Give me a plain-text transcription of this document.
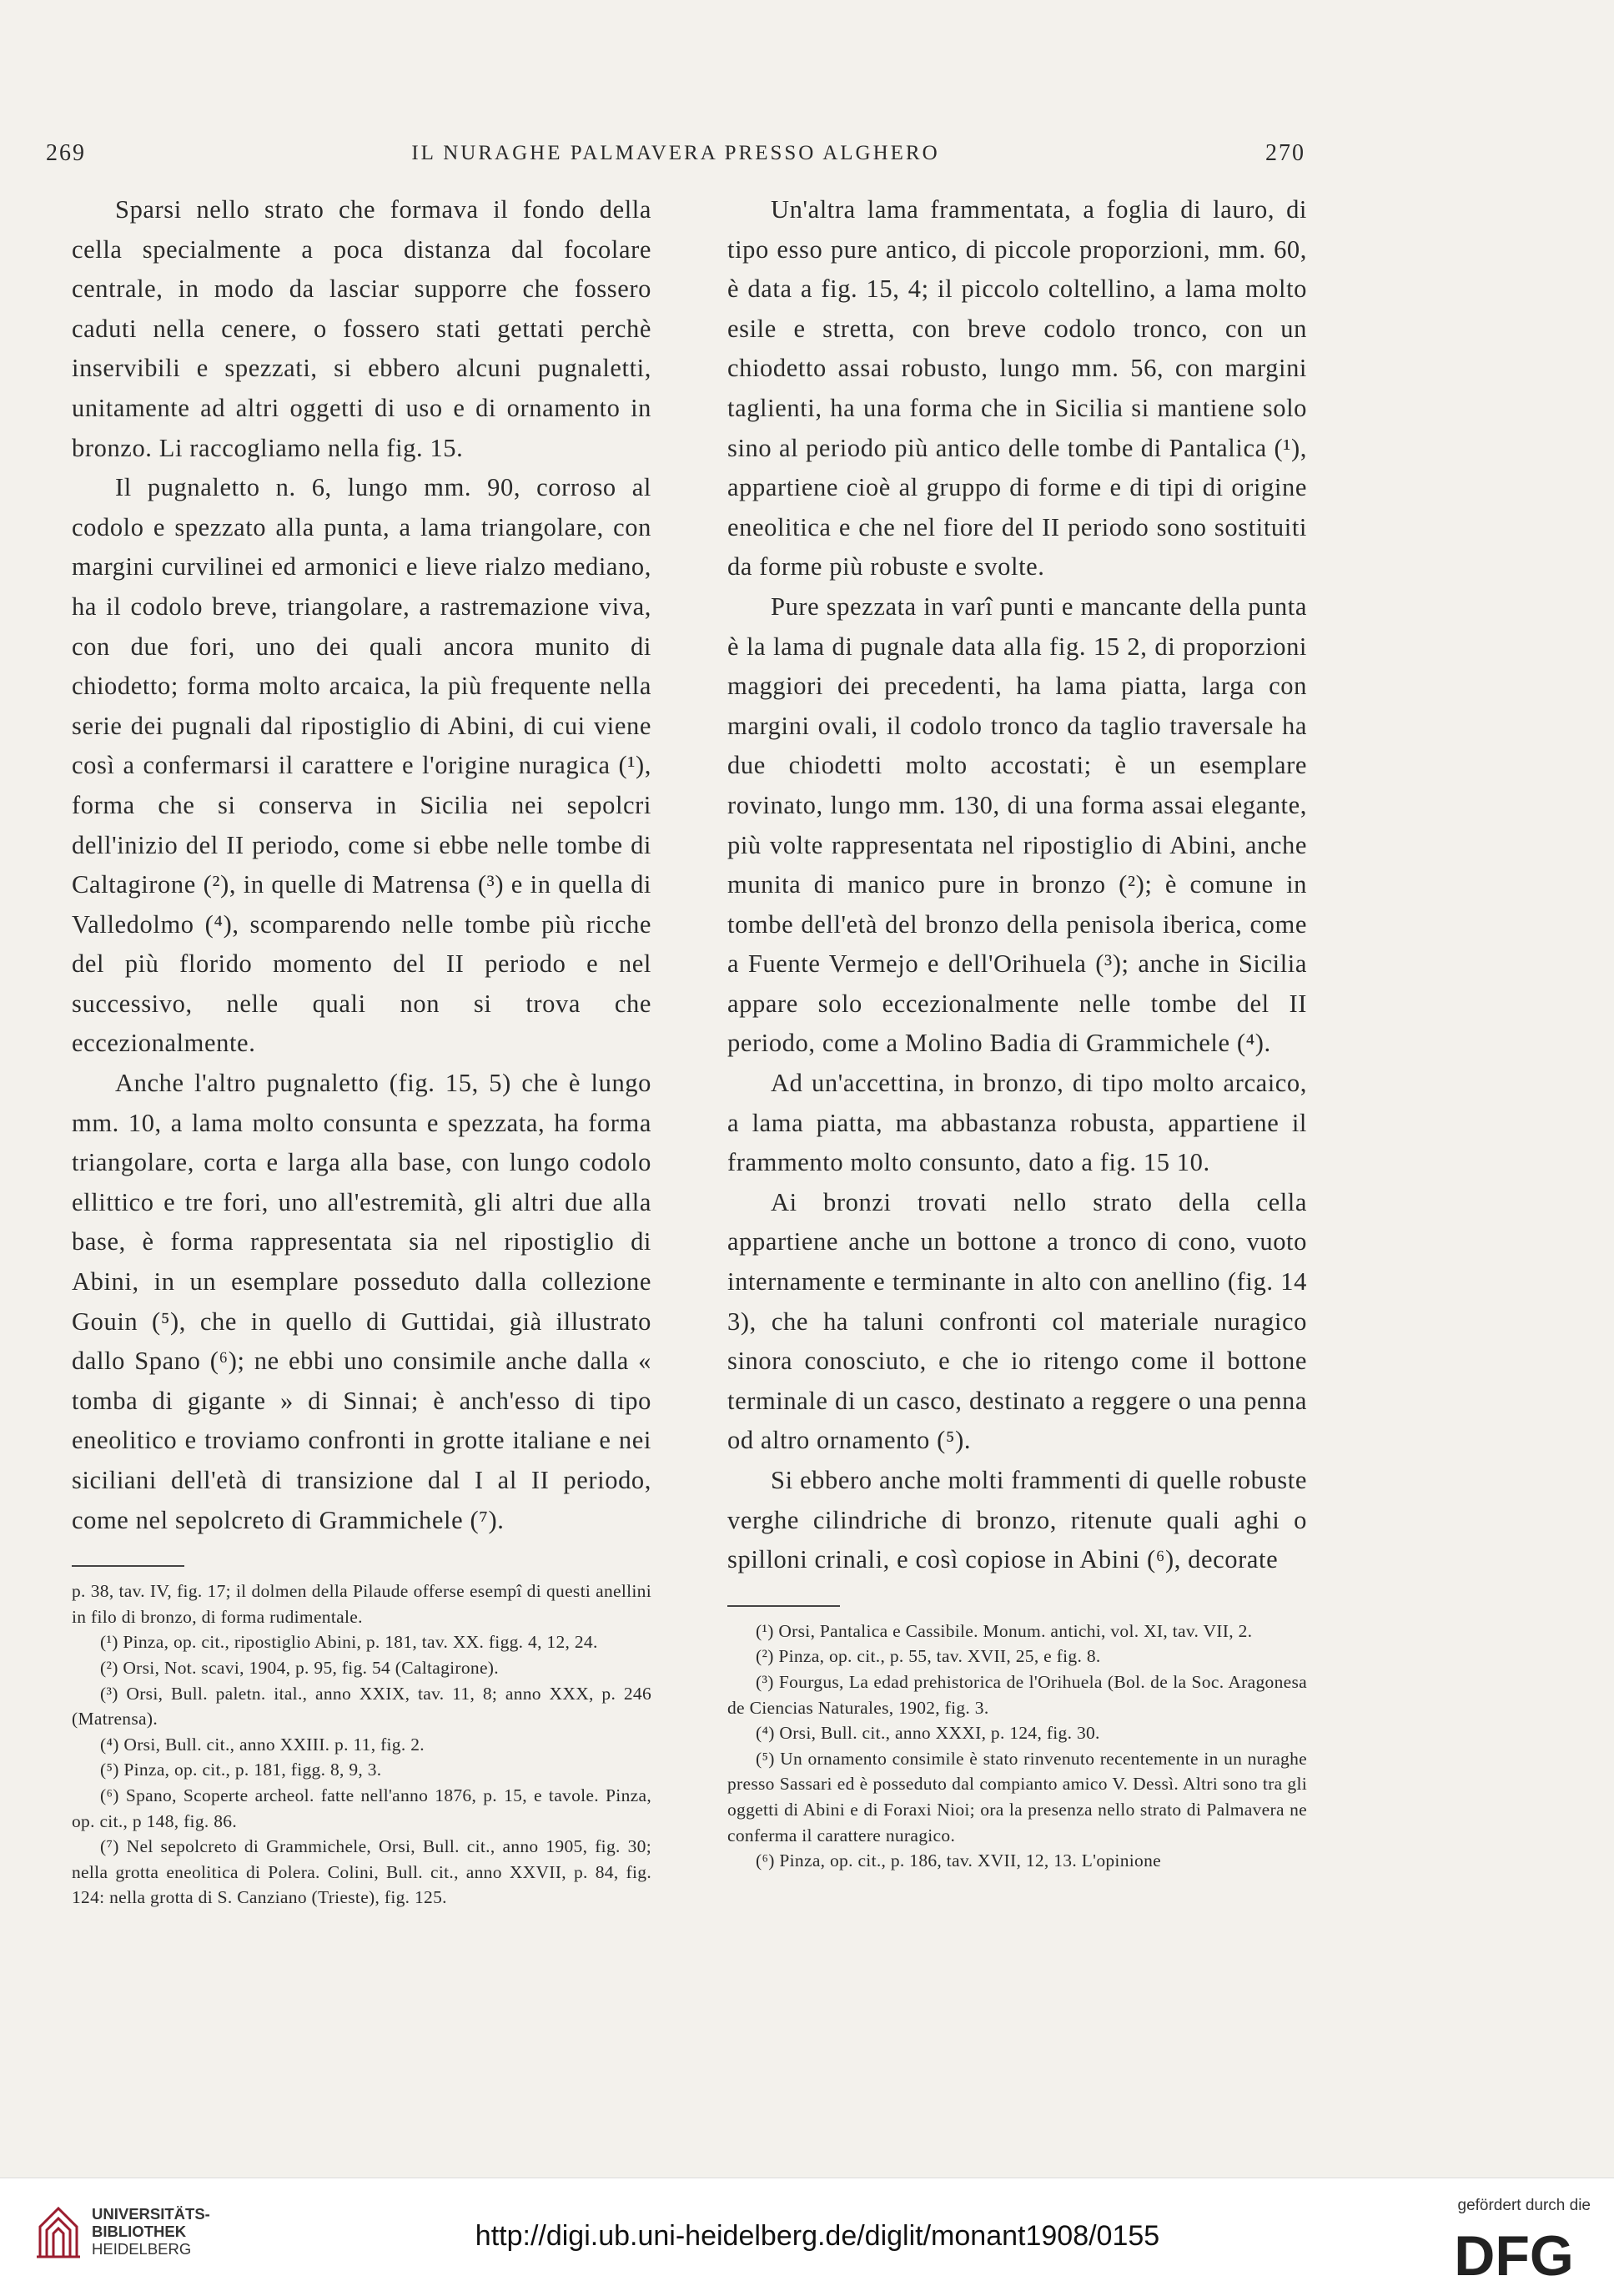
269	IL NURAGHE PALMAVERA PRESSO ALGHERO	270

Sparsi nello strato che formava il fondo della cella specialmente a poca distanza dal focolare centrale, in modo da lasciar supporre che fossero caduti nella cenere, o fossero stati gettati perchè inservibili e spezzati, si ebbero alcuni pugnaletti, unitamente ad altri oggetti di uso e di ornamento in bronzo. Li raccogliamo nella fig. 15.

Il pugnaletto n. 6, lungo mm. 90, corroso al codolo e spezzato alla punta, a lama triangolare, con margini curvilinei ed armonici e lieve rialzo mediano, ha il codolo breve, triangolare, a rastremazione viva, con due fori, uno dei quali ancora munito di chiodetto; forma molto arcaica, la più frequente nella serie dei pugnali dal ripostiglio di Abini, di cui viene così a confermarsi il carattere e l'origine nuragica (¹), forma che si conserva in Sicilia nei sepolcri dell'inizio del II periodo, come si ebbe nelle tombe di Caltagirone (²), in quelle di Matrensa (³) e in quella di Valledolmo (⁴), scomparendo nelle tombe più ricche del più florido momento del II periodo e nel successivo, nelle quali non si trova che eccezionalmente.

Anche l'altro pugnaletto (fig. 15, 5) che è lungo mm. 10, a lama molto consunta e spezzata, ha forma triangolare, corta e larga alla base, con lungo codolo ellittico e tre fori, uno all'estremità, gli altri due alla base, è forma rappresentata sia nel ripostiglio di Abini, in un esemplare posseduto dalla collezione Gouin (⁵), che in quello di Guttidai, già illustrato dallo Spano (⁶); ne ebbi uno consimile anche dalla « tomba di gigante » di Sinnai; è anch'esso di tipo eneolitico e troviamo confronti in grotte italiane e nei siciliani dell'età di transizione dal I al II periodo, come nel sepolcreto di Grammichele (⁷).

p. 38, tav. IV, fig. 17; il dolmen della Pilaude offerse esempî di questi anellini in filo di bronzo, di forma rudimentale.

(¹) Pinza, op. cit., ripostiglio Abini, p. 181, tav. XX. figg. 4, 12, 24.

(²) Orsi, Not. scavi, 1904, p. 95, fig. 54 (Caltagirone).

(³) Orsi, Bull. paletn. ital., anno XXIX, tav. 11, 8; anno XXX, p. 246 (Matrensa).

(⁴) Orsi, Bull. cit., anno XXIII. p. 11, fig. 2.

(⁵) Pinza, op. cit., p. 181, figg. 8, 9, 3.

(⁶) Spano, Scoperte archeol. fatte nell'anno 1876, p. 15, e tavole. Pinza, op. cit., p 148, fig. 86.

(⁷) Nel sepolcreto di Grammichele, Orsi, Bull. cit., anno 1905, fig. 30; nella grotta eneolitica di Polera. Colini, Bull. cit., anno XXVII, p. 84, fig. 124: nella grotta di S. Canziano (Trieste), fig. 125.

Un'altra lama frammentata, a foglia di lauro, di tipo esso pure antico, di piccole proporzioni, mm. 60, è data a fig. 15, 4; il piccolo coltellino, a lama molto esile e stretta, con breve codolo tronco, con un chiodetto assai robusto, lungo mm. 56, con margini taglienti, ha una forma che in Sicilia si mantiene solo sino al periodo più antico delle tombe di Pantalica (¹), appartiene cioè al gruppo di forme e di tipi di origine eneolitica e che nel fiore del II periodo sono sostituiti da forme più robuste e svolte.

Pure spezzata in varî punti e mancante della punta è la lama di pugnale data alla fig. 15 2, di proporzioni maggiori dei precedenti, ha lama piatta, larga con margini ovali, il codolo tronco da taglio traversale ha due chiodetti molto accostati; è un esemplare rovinato, lungo mm. 130, di una forma assai elegante, più volte rappresentata nel ripostiglio di Abini, anche munita di manico pure in bronzo (²); è comune in tombe dell'età del bronzo della penisola iberica, come a Fuente Vermejo e dell'Orihuela (³); anche in Sicilia appare solo eccezionalmente nelle tombe del II periodo, come a Molino Badia di Grammichele (⁴).

Ad un'accettina, in bronzo, di tipo molto arcaico, a lama piatta, ma abbastanza robusta, appartiene il frammento molto consunto, dato a fig. 15 10.

Ai bronzi trovati nello strato della cella appartiene anche un bottone a tronco di cono, vuoto internamente e terminante in alto con anellino (fig. 14 3), che ha taluni confronti col materiale nuragico sinora conosciuto, e che io ritengo come il bottone terminale di un casco, destinato a reggere o una penna od altro ornamento (⁵).

Si ebbero anche molti frammenti di quelle robuste verghe cilindriche di bronzo, ritenute quali aghi o spilloni crinali, e così copiose in Abini (⁶), decorate

(¹) Orsi, Pantalica e Cassibile. Monum. antichi, vol. XI, tav. VII, 2.

(²) Pinza, op. cit., p. 55, tav. XVII, 25, e fig. 8.

(³) Fourgus, La edad prehistorica de l'Orihuela (Bol. de la Soc. Aragonesa de Ciencias Naturales, 1902, fig. 3.

(⁴) Orsi, Bull. cit., anno XXXI, p. 124, fig. 30.

(⁵) Un ornamento consimile è stato rinvenuto recentemente in un nuraghe presso Sassari ed è posseduto dal compianto amico V. Dessì. Altri sono tra gli oggetti di Abini e di Foraxi Nioi; ora la presenza nello strato di Palmavera ne conferma il carattere nuragico.

(⁶) Pinza, op. cit., p. 186, tav. XVII, 12, 13. L'opinione

UNIVERSITÄTS-
BIBLIOTHEK
HEIDELBERG	http://digi.ub.uni-heidelberg.de/diglit/monant1908/0155
gefördert durch die
DFG
